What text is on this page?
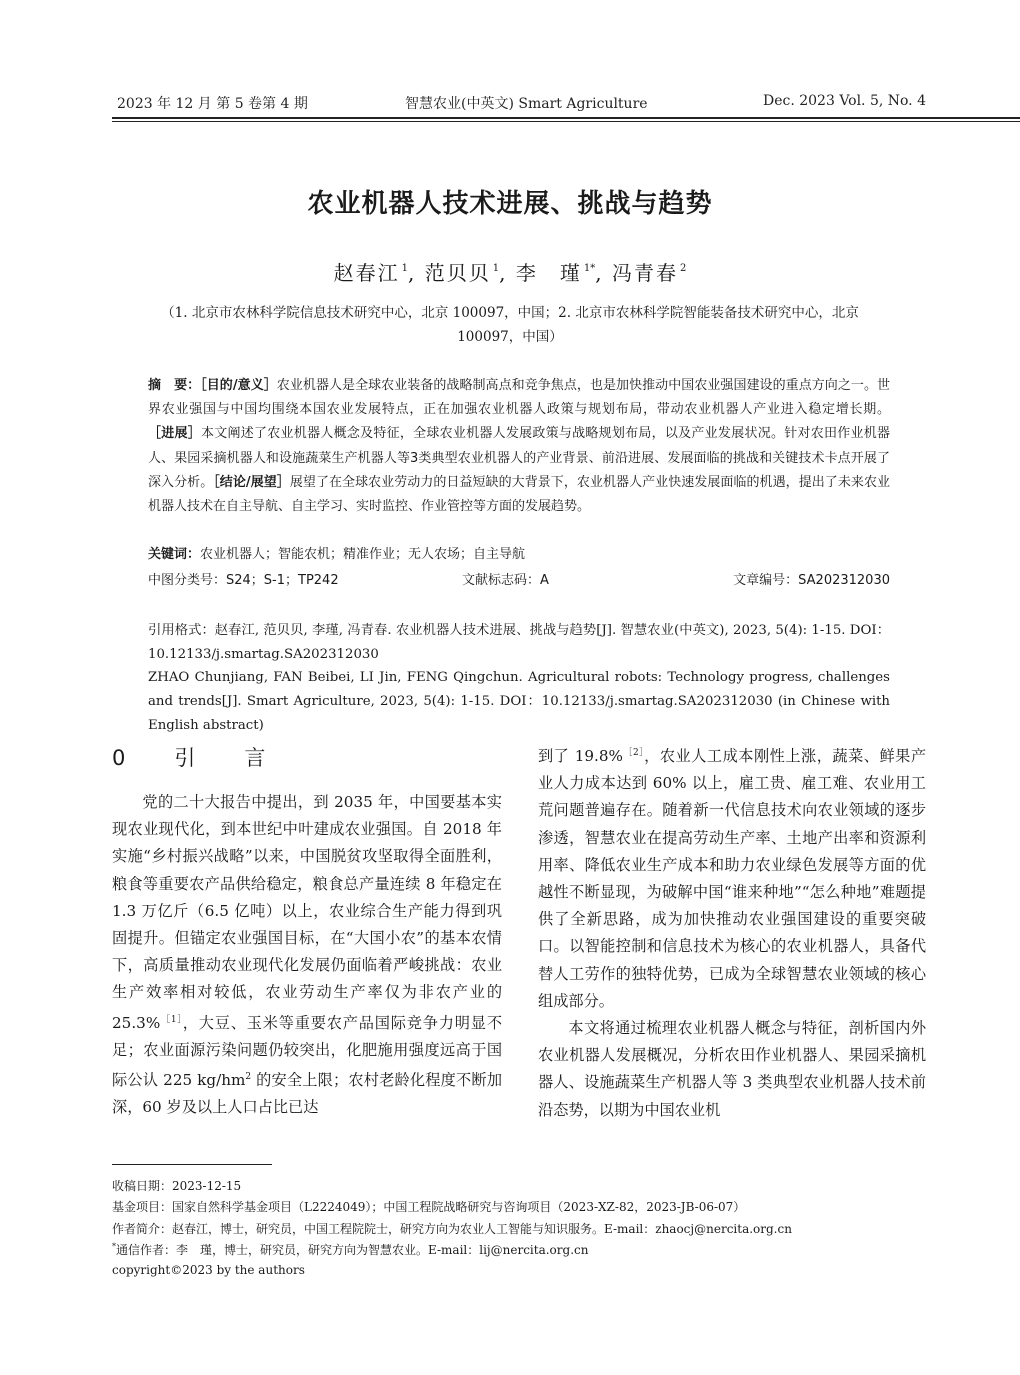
2023 年 12 月 第 5 卷第 4 期	智慧农业(中英文) Smart Agriculture	Dec. 2023 Vol. 5, No. 4
农业机器人技术进展、挑战与趋势
赵春江 $^1$, 范贝贝 $^1$, 李　瑾 $^{1*}$, 冯青春 $^2$
（1. 北京市农林科学院信息技术研究中心，北京 100097，中国；2. 北京市农林科学院智能装备技术研究中心，北京 100097，中国）
摘　要：［目的/意义］农业机器人是全球农业装备的战略制高点和竞争焦点，也是加快推动中国农业强国建设的重点方向之一。世界农业强国与中国均围绕本国农业发展特点，正在加强农业机器人政策与规划布局，带动农业机器人产业进入稳定增长期。［进展］本文阐述了农业机器人概念及特征，全球农业机器人发展政策与战略规划布局，以及产业发展状况。针对农田作业机器人、果园采摘机器人和设施蔬菜生产机器人等3类典型农业机器人的产业背景、前沿进展、发展面临的挑战和关键技术卡点开展了深入分析。［结论/展望］展望了在全球农业劳动力的日益短缺的大背景下，农业机器人产业快速发展面临的机遇，提出了未来农业机器人技术在自主导航、自主学习、实时监控、作业管控等方面的发展趋势。
关键词：农业机器人；智能农机；精准作业；无人农场；自主导航
中图分类号：S24；S-1；TP242	文献标志码：A	文章编号：SA202312030
引用格式：赵春江, 范贝贝, 李瑾, 冯青春. 农业机器人技术进展、挑战与趋势[J]. 智慧农业(中英文), 2023, 5(4): 1-15. DOI：10.12133/j.smartag.SA202312030
ZHAO Chunjiang, FAN Beibei, LI Jin, FENG Qingchun. Agricultural robots: Technology progress, challenges and trends[J]. Smart Agriculture, 2023, 5(4): 1-15. DOI：10.12133/j.smartag.SA202312030 (in Chinese with English abstract)
0　引　言

党的二十大报告中提出，到 2035 年，中国要基本实现农业现代化，到本世纪中叶建成农业强国。自 2018 年实施“乡村振兴战略”以来，中国脱贫攻坚取得全面胜利，粮食等重要农产品供给稳定，粮食总产量连续 8 年稳定在 1.3 万亿斤（6.5 亿吨）以上，农业综合生产能力得到巩固提升。但锚定农业强国目标，在“大国小农”的基本农情下，高质量推动农业现代化发展仍面临着严峻挑战：农业生产效率相对较低，农业劳动生产率仅为非农产业的 25.3%$^{[1]}$，大豆、玉米等重要农产品国际竞争力明显不足；农业面源污染问题仍较突出，化肥施用强度远高于国际公认 225 $kg/hm^2$ 的安全上限；农村老龄化程度不断加深，60 岁及以上人口占比已达

到了 19.8%$^{[2]}$，农业人工成本刚性上涨，蔬菜、鲜果产业人力成本达到 60% 以上，雇工贵、雇工难、农业用工荒问题普遍存在。随着新一代信息技术向农业领域的逐步渗透，智慧农业在提高劳动生产率、土地产出率和资源利用率、降低农业生产成本和助力农业绿色发展等方面的优越性不断显现，为破解中国“谁来种地”“怎么种地”难题提供了全新思路，成为加快推动农业强国建设的重要突破口。以智能控制和信息技术为核心的农业机器人，具备代替人工劳作的独特优势，已成为全球智慧农业领域的核心组成部分。

本文将通过梳理农业机器人概念与特征，剖析国内外农业机器人发展概况，分析农田作业机器人、果园采摘机器人、设施蔬菜生产机器人等 3 类典型农业机器人技术前沿态势，以期为中国农业机

收稿日期：2023-12-15
基金项目：国家自然科学基金项目（L2224049）；中国工程院战略研究与咨询项目（2023-XZ-82，2023-JB-06-07）
作者简介：赵春江，博士，研究员，中国工程院院士，研究方向为农业人工智能与知识服务。E-mail：zhaocj@nercita.org.cn
*通信作者：李　瑾，博士，研究员，研究方向为智慧农业。E-mail：lij@nercita.org.cn
copyright©2023 by the authors
